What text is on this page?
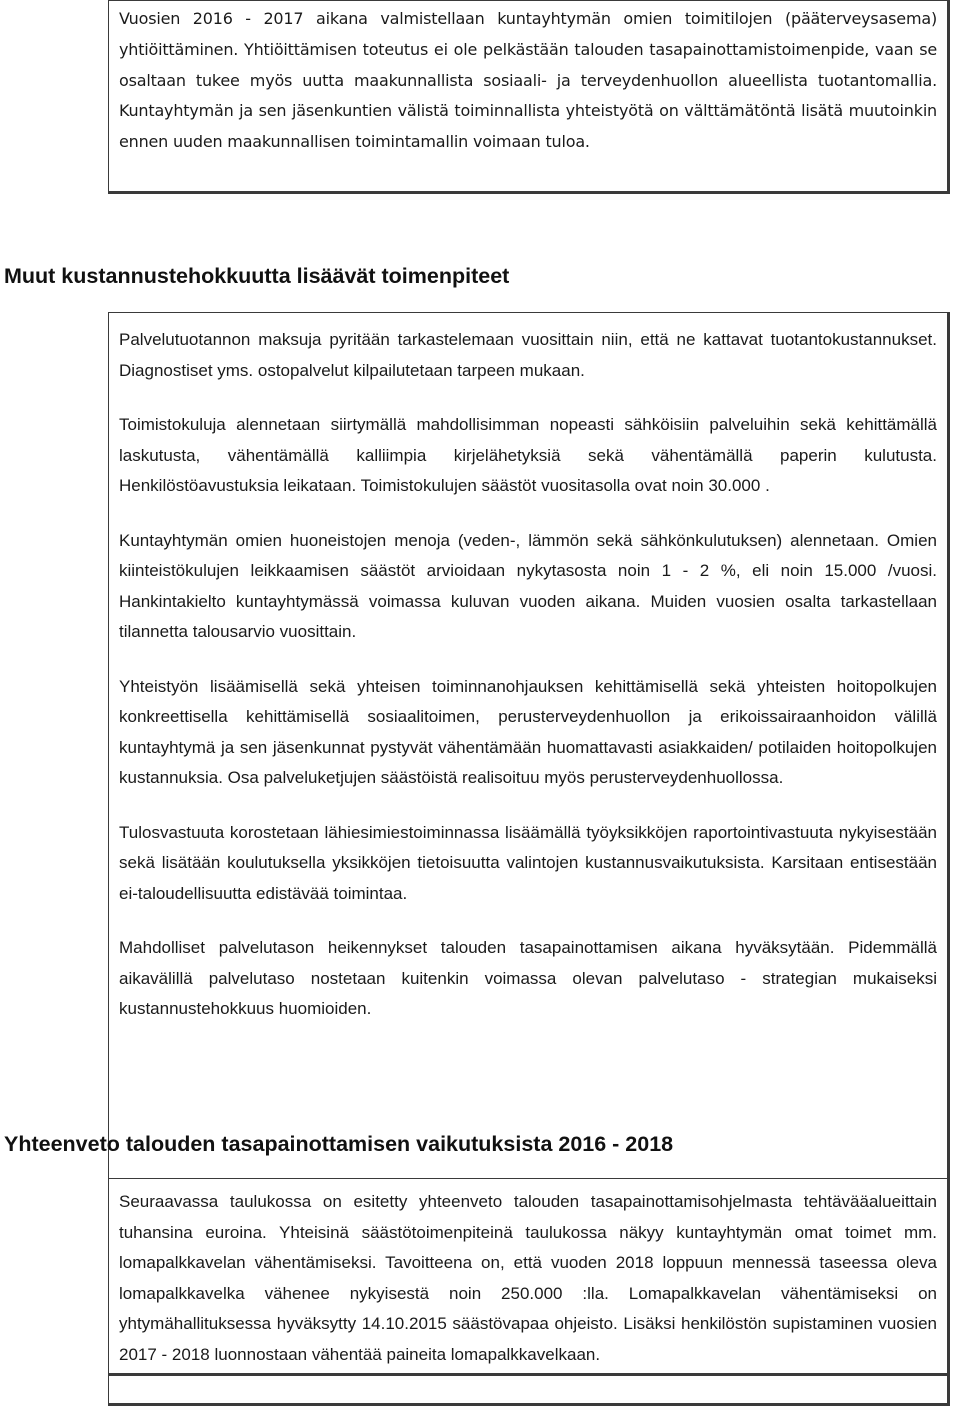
Vuosien 2016 - 2017 aikana valmistellaan kuntayhtymän omien toimitilojen (pääterveysasema) yhtiöittäminen. Yhtiöittämisen toteutus ei ole pelkästään talouden tasapainottamistoimenpide, vaan se osaltaan tukee myös uutta maakunnallista sosiaali- ja terveydenhuollon alueellista tuotantomallia. Kuntayhtymän ja sen jäsenkuntien välistä toiminnallista yhteistyötä on välttämätöntä lisätä muutoinkin ennen uuden maakunnallisen toimintamallin voimaan tuloa.

Muut kustannustehokkuutta lisäävät toimenpiteet

Palvelutuotannon maksuja pyritään tarkastelemaan vuosittain niin, että ne kattavat tuotantokustannukset. Diagnostiset yms. ostopalvelut kilpailutetaan tarpeen mukaan.

Toimistokuluja alennetaan siirtymällä mahdollisimman nopeasti sähköisiin palveluihin sekä kehittämällä laskutusta, vähentämällä kalliimpia kirjelähetyksiä sekä vähentämällä paperin kulutusta. Henkilöstöavustuksia leikataan. Toimistokulujen säästöt vuositasolla ovat noin 30.000 .

Kuntayhtymän omien huoneistojen menoja (veden-, lämmön sekä sähkönkulutuksen) alennetaan. Omien kiinteistökulujen leikkaamisen säästöt arvioidaan nykytasosta noin 1 - 2 %, eli noin 15.000 /vuosi. Hankintakielto kuntayhtymässä voimassa kuluvan vuoden aikana. Muiden vuosien osalta tarkastellaan tilannetta talousarvio vuosittain.

Yhteistyön lisäämisellä sekä yhteisen toiminnanohjauksen kehittämisellä sekä yhteisten hoitopolkujen konkreettisella kehittämisellä sosiaalitoimen, perusterveydenhuollon ja erikoissairaanhoidon välillä kuntayhtymä ja sen jäsenkunnat pystyvät vähentämään huomattavasti asiakkaiden/ potilaiden hoitopolkujen kustannuksia. Osa palveluketjujen säästöistä realisoituu myös perusterveydenhuollossa.

Tulosvastuuta korostetaan lähiesimiestoiminnassa lisäämällä työyksikköjen raportointivastuuta nykyisestään sekä lisätään koulutuksella yksikköjen tietoisuutta valintojen kustannusvaikutuksista. Karsitaan entisestään ei-taloudellisuutta edistävää toimintaa.

Mahdolliset palvelutason heikennykset talouden tasapainottamisen aikana hyväksytään. Pidemmällä aikavälillä palvelutaso nostetaan kuitenkin voimassa olevan palvelutaso - strategian mukaiseksi kustannustehokkuus huomioiden.

Yhteenveto talouden tasapainottamisen vaikutuksista 2016 - 2018

Seuraavassa taulukossa on esitetty yhteenveto talouden tasapainottamisohjelmasta tehtävääalueittain tuhansina euroina. Yhteisinä säästötoimenpiteinä taulukossa näkyy kuntayhtymän omat toimet mm. lomapalkkavelan vähentämiseksi. Tavoitteena on, että vuoden 2018 loppuun mennessä taseessa oleva lomapalkkavelka vähenee nykyisestä noin 250.000 :lla. Lomapalkkavelan vähentämiseksi on yhtymähallituksessa hyväksytty 14.10.2015 säästövapaa ohjeisto. Lisäksi henkilöstön supistaminen vuosien 2017 - 2018 luonnostaan vähentää paineita lomapalkkavelkaan.
